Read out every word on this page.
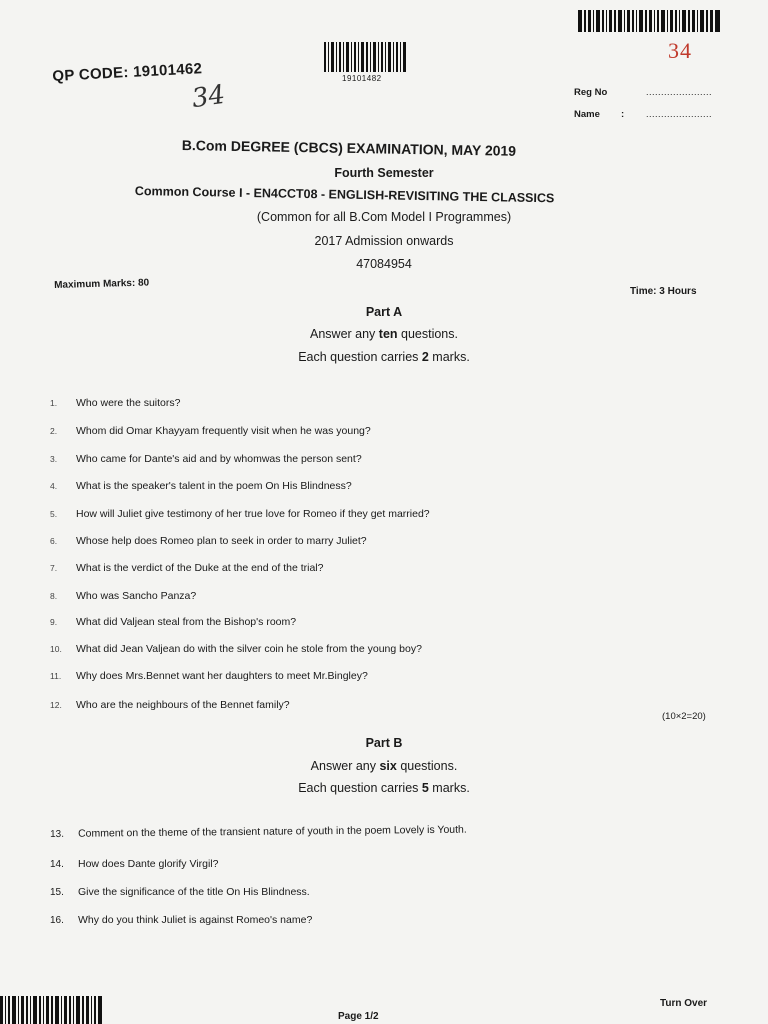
34
19101482
QP CODE: 19101462
34	Reg No	......................
Name : ......................
B.Com DEGREE (CBCS) EXAMINATION, MAY 2019
Fourth Semester
Common Course I - EN4CCT08 - ENGLISH-REVISITING THE CLASSICS
(Common for all B.Com Model I Programmes)
2017 Admission onwards
47084954
Maximum Marks: 80
Time: 3 Hours
Part A
Answer any ten questions.
Each question carries 2 marks.
1. Who were the suitors?
2. Whom did Omar Khayyam frequently visit when he was young?
3. Who came for Dante's aid and by whomwas the person sent?
4. What is the speaker's talent in the poem On His Blindness?
5. How will Juliet give testimony of her true love for Romeo if they get married?
6. Whose help does Romeo plan to seek in order to marry Juliet?
7. What is the verdict of the Duke at the end of the trial?
8. Who was Sancho Panza?
9. What did Valjean steal from the Bishop's room?
10. What did Jean Valjean do with the silver coin he stole from the young boy?
11. Why does Mrs.Bennet want her daughters to meet Mr.Bingley?
12. Who are the neighbours of the Bennet family?
(10×2=20)
Part B
Answer any six questions.
Each question carries 5 marks.
13. Comment on the theme of the transient nature of youth in the poem Lovely is Youth.
14. How does Dante glorify Virgil?
15. Give the significance of the title On His Blindness.
16. Why do you think Juliet is against Romeo's name?
Page 1/2
Turn Over
